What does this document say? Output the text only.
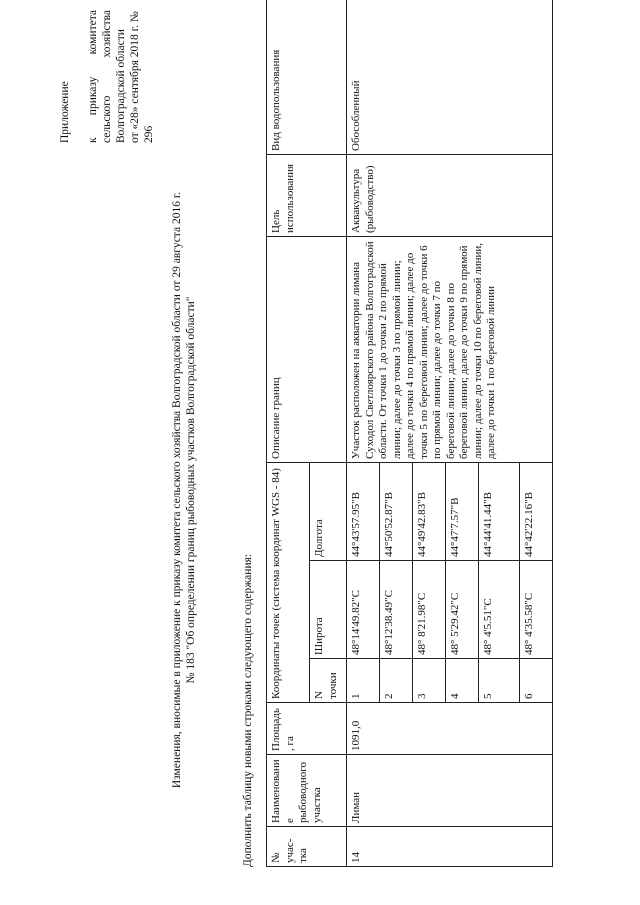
Приложение к приказу комитета сельского хозяйства Волгоградской области от «28» сентября 2018 г. № 296
Изменения, вносимые в приложение к приказу комитета сельского хозяйства Волгоградской области от 29 августа 2016 г. № 183 "Об определении границ рыбоводных участков Волгоградской области"
Дополнить таблицу новыми строками следующего содержания: № учас-тка	Наименование рыбоводного участка	Площадь, га	Координаты точек (система координат WGS - 84)			Описание границ	Цель использования	Вид водопользования
			N точки	Широта	Долгота			
14	Лиман	1091,0	1	48°14'49.82"С	44°43'57.95"В	Участок расположен на акватории лимана Суходол Светлоярского района Волгоградской области. От точки 1 до точки 2 по прямой линии; далее до точки 3 по прямой линии; далее до точки 4 по прямой линии; далее до точки 5 по береговой линии; далее до точки 6 по прямой линии; далее до точки 7 по береговой линии; далее до точки 8 по береговой линии; далее до точки 9 по прямой линии; далее до точки 10 по береговой линии, далее до точки 1 по береговой линии	Аквакультура (рыбоводство)	Обособленный
			2	48°12'38.49"С	44°50'52.87"В			
			3	48° 8'21.98"С	44°49'42.83"В			
			4	48° 5'29.42"С	44°47'7.57"В			
			5	48° 4'5.51"С	44°44'41.44"В			
			6	48° 4'35.58"С	44°42'22.16"В			
